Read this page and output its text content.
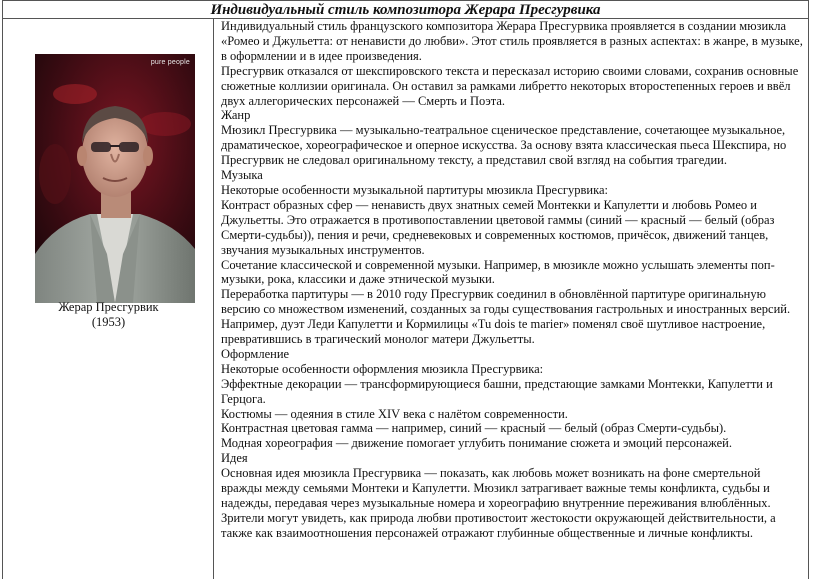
Индивидуальный стиль композитора Жерара Пресгурвика
pure people
Жерар Пресгурвик
(1953)

Индивидуальный стиль французского композитора Жерара Пресгурвика проявляется в создании мюзикла «Ромео и Джульетта: от ненависти до любви». Этот стиль проявляется в разных аспектах: в жанре, в музыке, в оформлении и в идее произведения.

Пресгурвик отказался от шекспировского текста и пересказал историю своими словами, сохранив основные сюжетные коллизии оригинала. Он оставил за рамками либретто некоторых второстепенных героев и ввёл двух аллегорических персонажей — Смерть и Поэта.

Жанр

Мюзикл Пресгурвика — музыкально-театральное сценическое представление, сочетающее музыкальное, драматическое, хореографическое и оперное искусства. За основу взята классическая пьеса Шекспира, но Пресгурвик не следовал оригинальному тексту, а представил свой взгляд на события трагедии.

Музыка

Некоторые особенности музыкальной партитуры мюзикла Пресгурвика:

Контраст образных сфер — ненависть двух знатных семей Монтекки и Капулетти и любовь Ромео и Джульетты. Это отражается в противопоставлении цветовой гаммы (синий — красный — белый (образ Смерти-судьбы)), пения и речи, средневековых и современных костюмов, причёсок, движений танцев, звучания музыкальных инструментов.

Сочетание классической и современной музыки. Например, в мюзикле можно услышать элементы поп-музыки, рока, классики и даже этнической музыки.

Переработка партитуры — в 2010 году Пресгурвик соединил в обновлённой партитуре оригинальную версию со множеством изменений, созданных за годы существования гастрольных и иностранных версий. Например, дуэт Леди Капулетти и Кормилицы «Tu dois te marier» поменял своё шутливое настроение, превратившись в трагический монолог матери Джульетты.

Оформление

Некоторые особенности оформления мюзикла Пресгурвика:

Эффектные декорации — трансформирующиеся башни, предстающие замками Монтекки, Капулетти и Герцога.

Костюмы — одеяния в стиле XIV века с налётом современности.

Контрастная цветовая гамма — например, синий — красный — белый (образ Смерти-судьбы).

Модная хореография — движение помогает углубить понимание сюжета и эмоций персонажей.

Идея

Основная идея мюзикла Пресгурвика — показать, как любовь может возникать на фоне смертельной вражды между семьями Монтеки и Капулетти. Мюзикл затрагивает важные темы конфликта, судьбы и надежды, передавая через музыкальные номера и хореографию внутренние переживания влюблённых. Зрители могут увидеть, как природа любви противостоит жестокости окружающей действительности, а также как взаимоотношения персонажей отражают глубинные общественные и личные конфликты.
